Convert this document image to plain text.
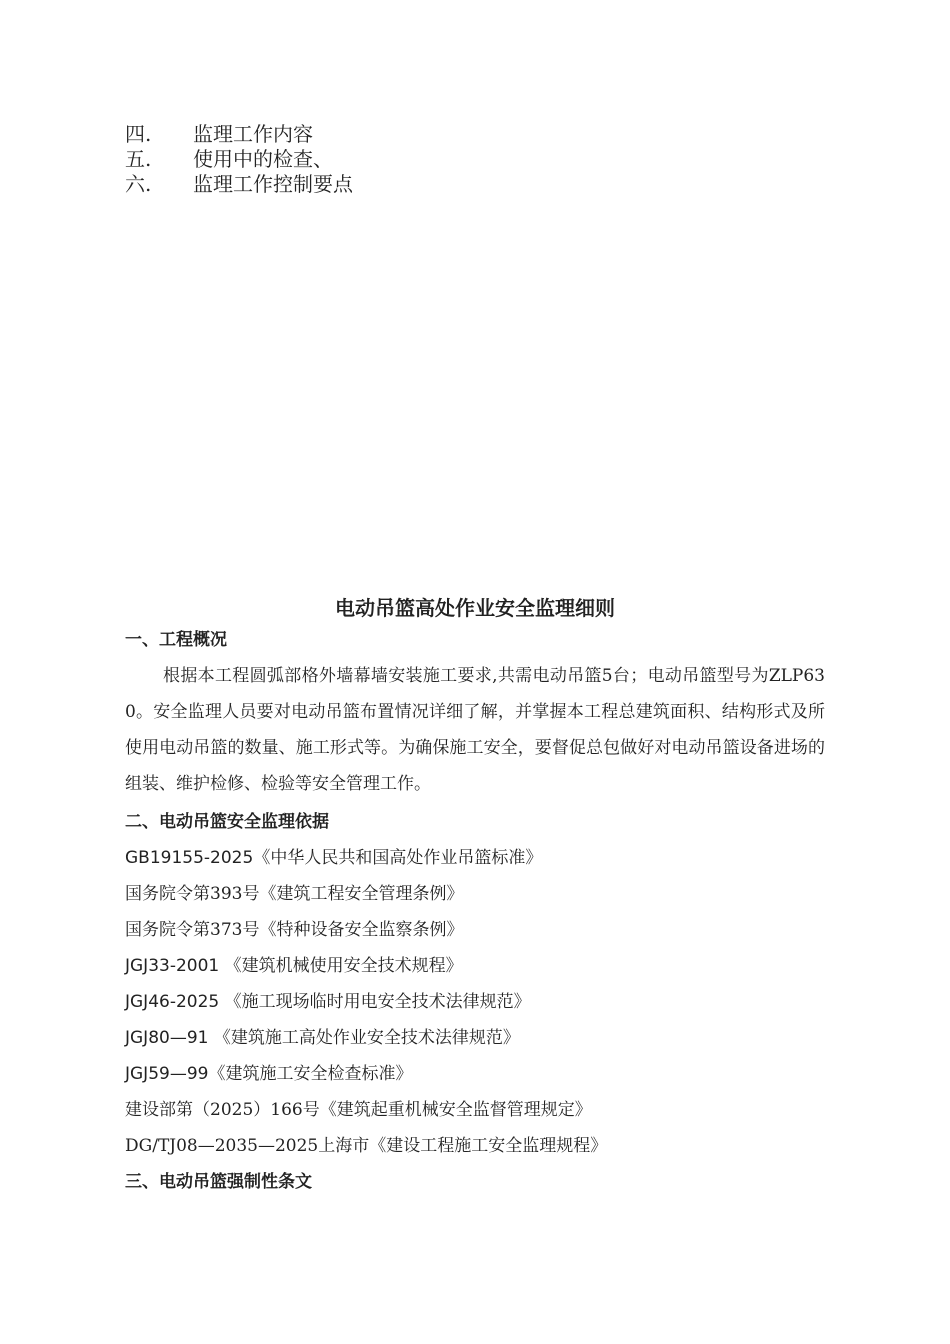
四.	监理工作内容
五.	使用中的检查、
六.	监理工作控制要点
电动吊篮高处作业安全监理细则
一、工程概况

根据本工程圆弧部格外墙幕墙安装施工要求,共需电动吊篮5台；电动吊篮型号为ZLP630。安全监理人员要对电动吊篮布置情况详细了解，并掌握本工程总建筑面积、结构形式及所使用电动吊篮的数量、施工形式等。为确保施工安全，要督促总包做好对电动吊篮设备进场的组装、维护检修、检验等安全管理工作。

二、电动吊篮安全监理依据
GB19155-2025《中华人民共和国高处作业吊篮标准》
国务院令第393号《建筑工程安全管理条例》
国务院令第373号《特种设备安全监察条例》
JGJ33-2001 《建筑机械使用安全技术规程》
JGJ46-2025 《施工现场临时用电安全技术法律规范》
JGJ80—91 《建筑施工高处作业安全技术法律规范》
JGJ59—99《建筑施工安全检查标准》
建设部第（2025）166号《建筑起重机械安全监督管理规定》
DG/TJ08—2035—2025上海市《建设工程施工安全监理规程》
三、电动吊篮强制性条文
